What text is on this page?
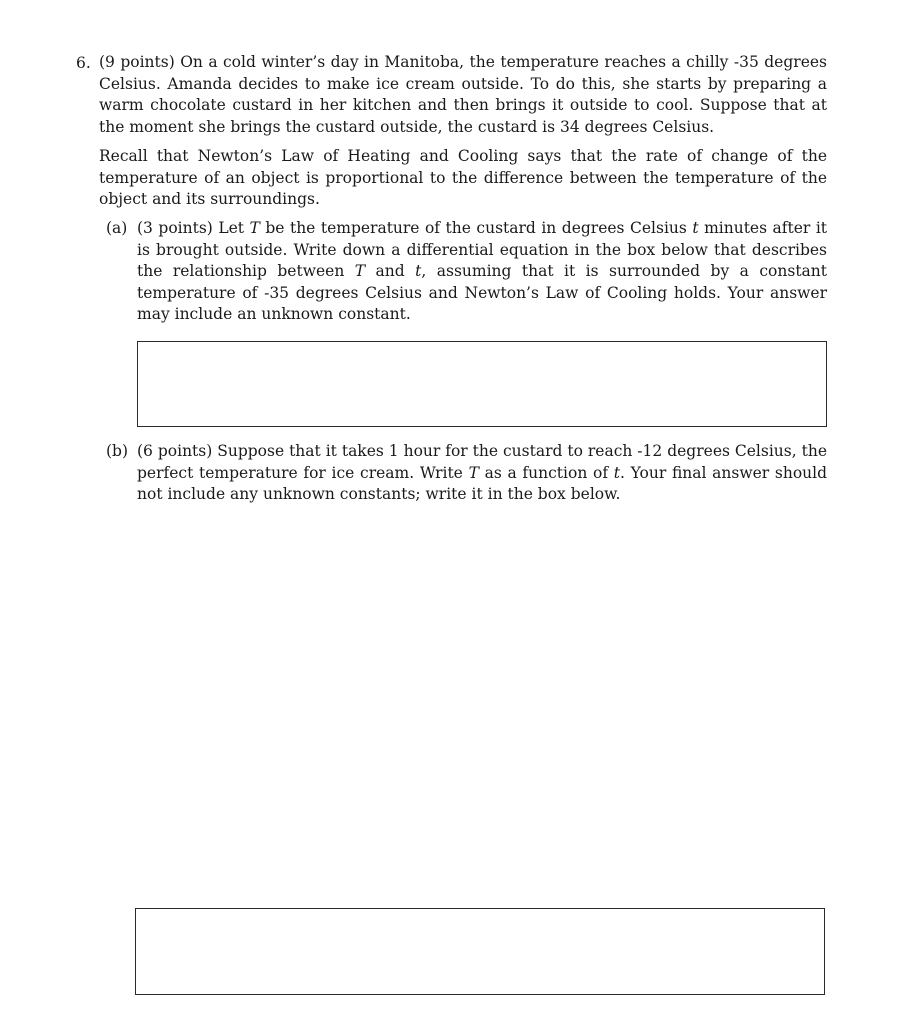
6. (9 points) On a cold winter’s day in Manitoba, the temperature reaches a chilly -35 degrees Celsius. Amanda decides to make ice cream outside. To do this, she starts by preparing a warm chocolate custard in her kitchen and then brings it outside to cool. Suppose that at the moment she brings the custard outside, the custard is 34 degrees Celsius.

Recall that Newton’s Law of Heating and Cooling says that the rate of change of the temperature of an object is proportional to the difference between the temperature of the object and its surroundings.

(a) (3 points) Let T be the temperature of the custard in degrees Celsius t minutes after it is brought outside. Write down a differential equation in the box below that describes the relationship between T and t, assuming that it is surrounded by a constant temperature of -35 degrees Celsius and Newton’s Law of Cooling holds. Your answer may include an unknown constant.

(b) (6 points) Suppose that it takes 1 hour for the custard to reach -12 degrees Celsius, the perfect temperature for ice cream. Write T as a function of t. Your final answer should not include any unknown constants; write it in the box below.
